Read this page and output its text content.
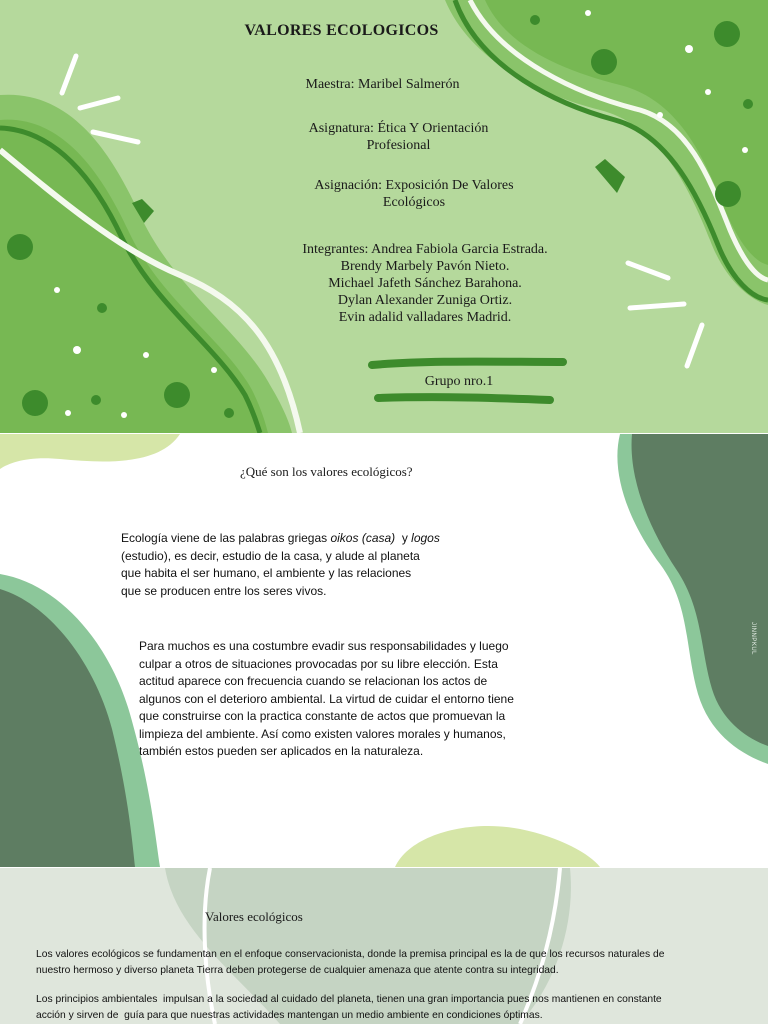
VALORES ECOLOGICOS
Maestra: Maribel Salmerón
Asignatura: Ética Y Orientación
Profesional
Asignación: Exposición De Valores
Ecológicos
Integrantes: Andrea Fabiola Garcia Estrada.
Brendy Marbely Pavón Nieto.
Michael Jafeth Sánchez Barahona.
Dylan Alexander Zuniga Ortiz.
Evin adalid valladares Madrid.
Grupo nro.1
¿Qué son los valores ecológicos?
Ecología viene de las palabras griegas oikos (casa)  y logos
(estudio), es decir, estudio de la casa, y alude al planeta
que habita el ser humano, el ambiente y las relaciones
que se producen entre los seres vivos.
Para muchos es una costumbre evadir sus responsabilidades y luego
culpar a otros de situaciones provocadas por su libre elección. Esta
actitud aparece con frecuencia cuando se relacionan los actos de
algunos con el deterioro ambiental. La virtud de cuidar el entorno tiene
que construirse con la practica constante de actos que promuevan la
limpieza del ambiente. Así como existen valores morales y humanos,
también estos pueden ser aplicados en la naturaleza.
JINNPKUL
Valores ecológicos
Los valores ecológicos se fundamentan en el enfoque conservacionista, donde la premisa principal es la de que los recursos naturales de
nuestro hermoso y diverso planeta Tierra deben protegerse de cualquier amenaza que atente contra su integridad.
Los principios ambientales  impulsan a la sociedad al cuidado del planeta, tienen una gran importancia pues nos mantienen en constante
acción y sirven de  guía para que nuestras actividades mantengan un medio ambiente en condiciones óptimas.
